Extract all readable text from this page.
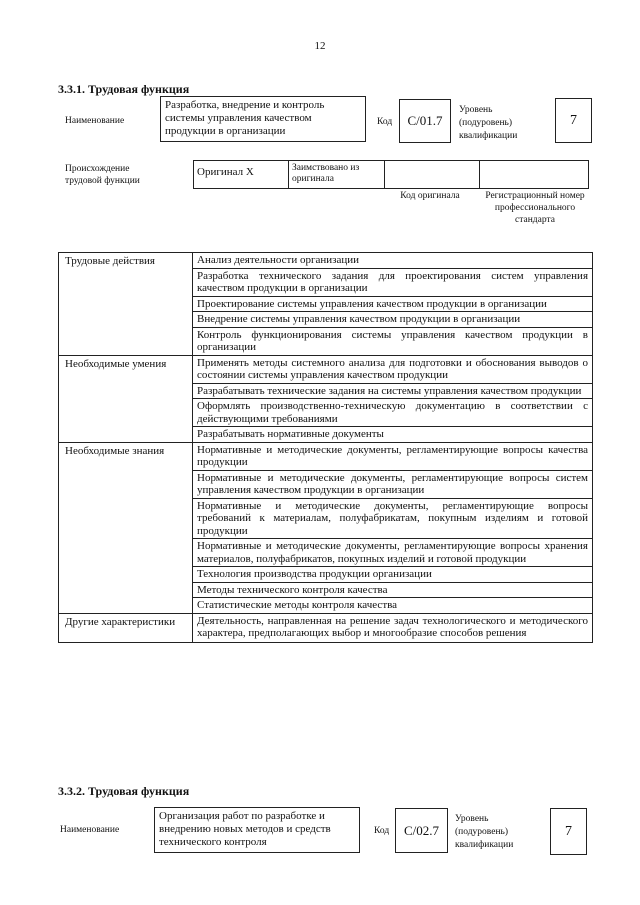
12
3.3.1. Трудовая функция
Наименование
Разработка, внедрение и контроль системы управления качеством продукции в организации
Код С/01.7
Уровень (подуровень) квалификации
7
Происхождение трудовой функции
Оригинал X	Заимствовано из оригинала
Код оригинала	Регистрационный номер профессионального стандарта
Трудовые действия	Анализ деятельности организации
	Разработка технического задания для проектирования систем управления качеством продукции в организации
	Проектирование системы управления качеством продукции в организации
	Внедрение системы управления качеством продукции в организации
	Контроль функционирования системы управления качеством продукции в организации
Необходимые умения	Применять методы системного анализа для подготовки и обоснования выводов о состоянии системы управления качеством продукции
	Разрабатывать технические задания на системы управления качеством продукции
	Оформлять производственно-техническую документацию в соответствии с действующими требованиями
	Разрабатывать нормативные документы
Необходимые знания	Нормативные и методические документы, регламентирующие вопросы качества продукции
	Нормативные и методические документы, регламентирующие вопросы систем управления качеством продукции в организации
	Нормативные и методические документы, регламентирующие вопросы требований к материалам, полуфабрикатам, покупным изделиям и готовой продукции
	Нормативные и методические документы, регламентирующие вопросы хранения материалов, полуфабрикатов, покупных изделий и готовой продукции
	Технология производства продукции организации
	Методы технического контроля качества
	Статистические методы контроля качества
Другие характеристики	Деятельность, направленная на решение задач технологического и методического характера, предполагающих выбор и многообразие способов решения
3.3.2. Трудовая функция
Наименование
Организация работ по разработке и внедрению новых методов и средств технического контроля
Код С/02.7
Уровень (подуровень) квалификации
7
